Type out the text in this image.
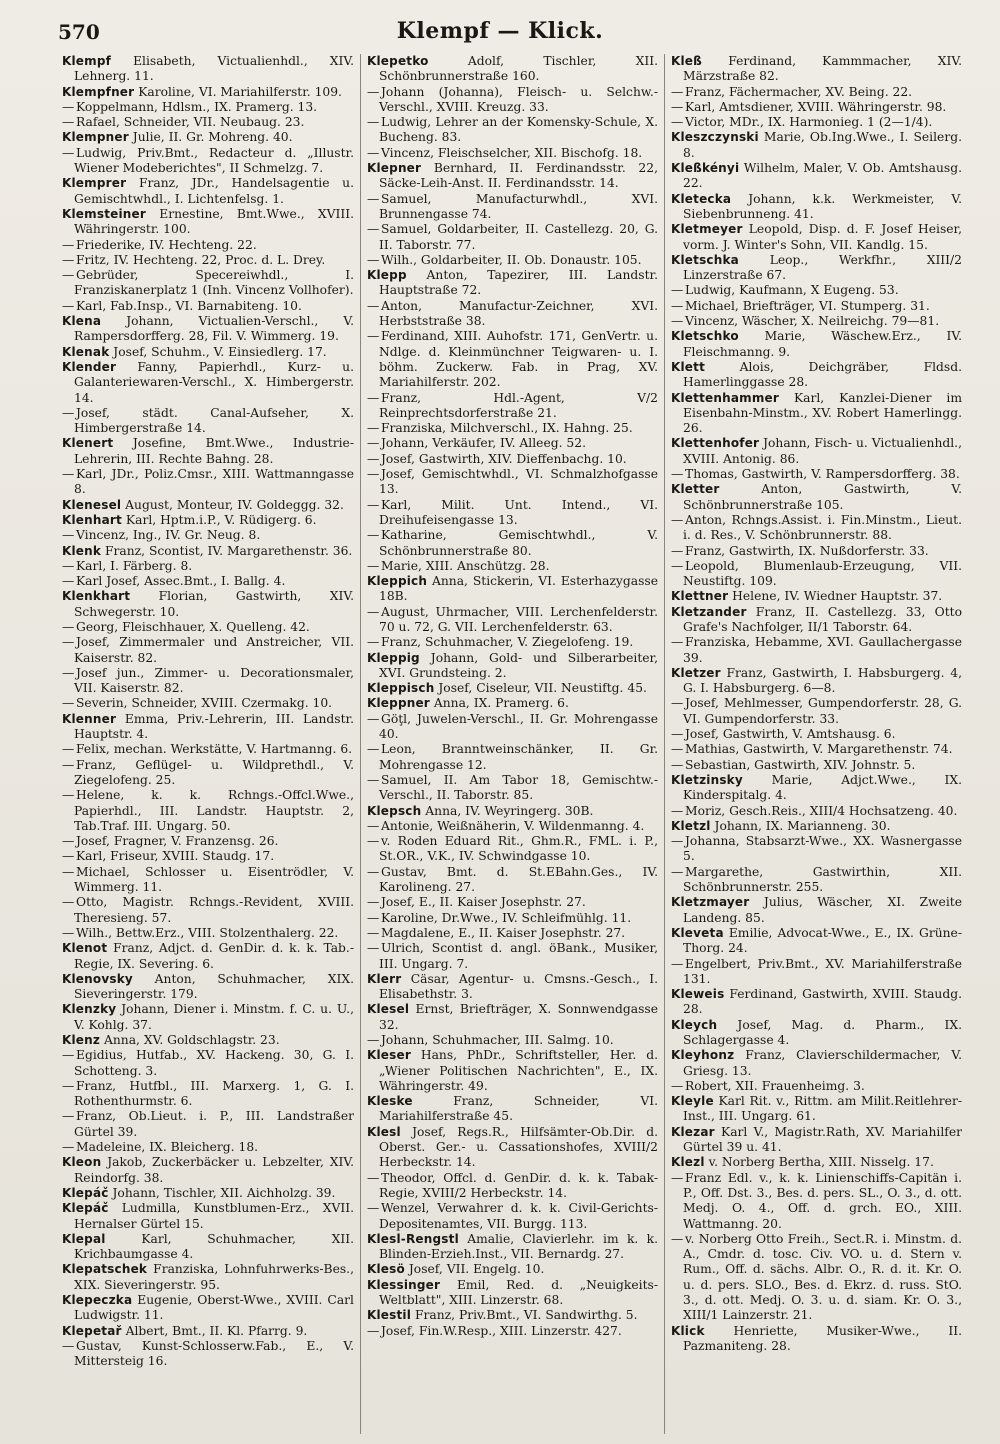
570	Klempf — Klick.
Klempf Elisabeth, Victualienhdl., XIV. Lehnerg. 11.
Klempfner Karoline, VI. Mariahilferstr. 109.
— Koppelmann, Hdlsm., IX. Pramerg. 13.
— Rafael, Schneider, VII. Neubaug. 23.
Klempner Julie, II. Gr. Mohreng. 40.
— Ludwig, Priv.Bmt., Redacteur d. „Illustr. Wiener Modeberichtes", II Schmelzg. 7.
Klemprer Franz, JDr., Handelsagentie u. Gemischtwhdl., I. Lichtenfelsg. 1.
Klemsteiner Ernestine, Bmt.Wwe., XVIII. Währingerstr. 100.
— Friederike, IV. Hechteng. 22.
— Fritz, IV. Hechteng. 22, Proc. d. L. Drey.
— Gebrüder, Specereiwhdl., I. Franziskanerplatz 1 (Inh. Vincenz Vollhofer).
— Karl, Fab.Insp., VI. Barnabiteng. 10.
Klena Johann, Victualien-Verschl., V. Rampersdorfferg. 28, Fil. V. Wimmerg. 19.
Klenak Josef, Schuhm., V. Einsiedlerg. 17.
Klender Fanny, Papierhdl., Kurz- u. Galanteriewaren-Verschl., X. Himbergerstr. 14.
— Josef, städt. Canal-Aufseher, X. Himbergerstraße 14.
Klenert Josefine, Bmt.Wwe., Industrie-Lehrerin, III. Rechte Bahng. 28.
— Karl, JDr., Poliz.Cmsr., XIII. Wattmanngasse 8.
Klenesel August, Monteur, IV. Goldeggg. 32.
Klenhart Karl, Hptm.i.P., V. Rüdigerg. 6.
— Vincenz, Ing., IV. Gr. Neug. 8.
Klenk Franz, Scontist, IV. Margarethenstr. 36.
— Karl, I. Färberg. 8.
— Karl Josef, Assec.Bmt., I. Ballg. 4.
Klenkhart Florian, Gastwirth, XIV. Schwegerstr. 10.
— Georg, Fleischhauer, X. Quelleng. 42.
— Josef, Zimmermaler und Anstreicher, VII. Kaiserstr. 82.
— Josef jun., Zimmer- u. Decorationsmaler, VII. Kaiserstr. 82.
— Severin, Schneider, XVIII. Czermakg. 10.
Klenner Emma, Priv.-Lehrerin, III. Landstr. Hauptstr. 4.
— Felix, mechan. Werkstätte, V. Hartmanng. 6.
— Franz, Geflügel- u. Wildprethdl., V. Ziegelofeng. 25.
— Helene, k. k. Rchngs.-Offcl.Wwe., Papierhdl., III. Landstr. Hauptstr. 2, Tab.Traf. III. Ungarg. 50.
— Josef, Fragner, V. Franzensg. 26.
— Karl, Friseur, XVIII. Staudg. 17.
— Michael, Schlosser u. Eisentrödler, V. Wimmerg. 11.
— Otto, Magistr. Rchngs.-Revident, XVIII. Theresieng. 57.
— Wilh., Bettw.Erz., VIII. Stolzenthalerg. 22.
Klenot Franz, Adjct. d. GenDir. d. k. k. Tab.-Regie, IX. Severing. 6.
Klenovsky Anton, Schuhmacher, XIX. Sieveringerstr. 179.
Klenzky Johann, Diener i. Minstm. f. C. u. U., V. Kohlg. 37.
Klenz Anna, XV. Goldschlagstr. 23.
— Egidius, Hutfab., XV. Hackeng. 30, G. I. Schotteng. 3.
— Franz, Hutfbl., III. Marxerg. 1, G. I. Rothenthurmstr. 6.
— Franz, Ob.Lieut. i. P., III. Landstraßer Gürtel 39.
— Madeleine, IX. Bleicherg. 18.
Kleon Jakob, Zuckerbäcker u. Lebzelter, XIV. Reindorfg. 38.
Klepáč Johann, Tischler, XII. Aichholzg. 39.
Klepáč Ludmilla, Kunstblumen-Erz., XVII. Hernalser Gürtel 15.
Klepal	Karl, Schuhmacher, XII. Krichbaumgasse 4.
Klepatschek Franziska, Lohnfuhrwerks-Bes., XIX. Sieveringerstr. 95.
Klepeczka Eugenie, Oberst-Wwe., XVIII. Carl Ludwigstr. 11.
Klepetař Albert, Bmt., II. Kl. Pfarrg. 9.
— Gustav, Kunst-Schlosserw.Fab., E., V. Mittersteig 16.
Klepetko	Adolf, Tischler, XII. Schönbrunnerstraße 160.
— Johann (Johanna), Fleisch- u. Selchw.-Verschl., XVIII. Kreuzg. 33.
— Ludwig, Lehrer an der Komensky-Schule, X. Bucheng. 83.
— Vincenz, Fleischselcher, XII. Bischofg. 18.
Klepner Bernhard, II. Ferdinandsstr. 22, Säcke-Leih-Anst. II. Ferdinandsstr. 14.
— Samuel, Manufacturwhdl., XVI. Brunnengasse 74.
— Samuel, Goldarbeiter, II. Castellezg. 20, G. II. Taborstr. 77.
— Wilh., Goldarbeiter, II. Ob. Donaustr. 105.
Klepp Anton, Tapezirer, III. Landstr. Hauptstraße 72.
— Anton, Manufactur-Zeichner, XVI. Herbststraße 38.
— Ferdinand, XIII. Auhofstr. 171, GenVertr. u. Ndlge. d. Kleinmünchner Teigwaren- u. I. böhm. Zuckerw. Fab. in Prag, XV. Mariahilferstr. 202.
— Franz, Hdl.-Agent, V/2 Reinprechtsdorferstraße 21.
— Franziska, Milchverschl., IX. Hahng. 25.
— Johann, Verkäufer, IV. Alleeg. 52.
— Josef, Gastwirth, XIV. Dieffenbachg. 10.
— Josef, Gemischtwhdl., VI. Schmalzhofgasse 13.
— Karl, Milit. Unt. Intend., VI. Dreihufeisengasse 13.
— Katharine, Gemischtwhdl., V. Schönbrunnerstraße 80.
— Marie, XIII. Anschützg. 28.
Kleppich Anna, Stickerin, VI. Esterhazygasse 18B.
— August, Uhrmacher, VIII. Lerchenfelderstr. 70 u. 72, G. VII. Lerchenfelderstr. 63.
— Franz, Schuhmacher, V. Ziegelofeng. 19.
Kleppig Johann, Gold- und Silberarbeiter, XVI. Grundsteing. 2.
Kleppisch Josef, Ciseleur, VII. Neustiftg. 45.
Kleppner Anna, IX. Pramerg. 6.
— Göţl, Juwelen-Verschl., II. Gr. Mohrengasse 40.
— Leon, Branntweinschänker, II. Gr. Mohrengasse 12.
— Samuel, II. Am Tabor 18, Gemischtw.-Verschl., II. Taborstr. 85.
Klepsch Anna, IV. Weyringerg. 30B.
— Antonie, Weißnäherin, V. Wildenmanng. 4.
— v. Roden Eduard Rit., Ghm.R., FML. i. P., St.OR., V.K., IV. Schwindgasse 10.
— Gustav, Bmt. d. St.EBahn.Ges., IV. Karolineng. 27.
— Josef, E., II. Kaiser Josephstr. 27.
— Karoline, Dr.Wwe., IV. Schleifmühlg. 11.
— Magdalene, E., II. Kaiser Josephstr. 27.
— Ulrich, Scontist d. angl. öBank., Musiker, III. Ungarg. 7.
Klerr Cäsar, Agentur- u. Cmsns.-Gesch., I. Elisabethstr. 3.
Klesel Ernst, Briefträger, X. Sonnwendgasse 32.
— Johann, Schuhmacher, III. Salmg. 10.
Kleser Hans, PhDr., Schriftsteller, Her. d. „Wiener Politischen Nachrichten", E., IX. Währingerstr. 49.
Kleske	Franz, Schneider, VI. Mariahilferstraße 45.
Klesl Josef, Regs.R., Hilfsämter-Ob.Dir. d. Oberst. Ger.- u. Cassationshofes, XVIII/2 Herbeckstr. 14.
— Theodor, Offcl. d. GenDir. d. k. k. Tabak-Regie, XVIII/2 Herbeckstr. 14.
— Wenzel, Verwahrer d. k. k. Civil-Gerichts-Depositenamtes, VII. Burgg. 113.
Klesl-Rengstl Amalie, Clavierlehr. im k. k. Blinden-Erzieh.Inst., VII. Bernardg. 27.
Klesö Josef, VII. Engelg. 10.
Klessinger Emil, Red. d. „Neuigkeits-Weltblatt", XIII. Linzerstr. 68.
Klestil Franz, Priv.Bmt., VI. Sandwirthg. 5.
— Josef, Fin.W.Resp., XIII. Linzerstr. 427.
Kleß Ferdinand, Kammmacher, XIV. Märzstraße 82.
— Franz, Fächermacher, XV. Being. 22.
— Karl, Amtsdiener, XVIII. Währingerstr. 98.
— Victor, MDr., IX. Harmonieg. 1 (2—1/4).
Kleszczynski Marie, Ob.Ing.Wwe., I. Seilerg. 8.
Kleßkényi Wilhelm, Maler, V. Ob. Amtshausg. 22.
Kletecka Johann, k.k. Werkmeister, V. Siebenbrunneng. 41.
Kletmeyer Leopold, Disp. d. F. Josef Heiser, vorm. J. Winter's Sohn, VII. Kandlg. 15.
Kletschka Leop., Werkfhr., XIII/2 Linzerstraße 67.
— Ludwig, Kaufmann, X Eugeng. 53.
— Michael, Briefträger, VI. Stumperg. 31.
— Vincenz, Wäscher, X. Neilreichg. 79—81.
Kletschko Marie, Wäschew.Erz., IV. Fleischmanng. 9.
Klett	Alois, Deichgräber, Fldsd. Hamerlinggasse 28.
Klettenhammer Karl, Kanzlei-Diener im Eisenbahn-Minstm., XV. Robert Hamerlingg. 26.
Klettenhofer Johann, Fisch- u. Victualienhdl., XVIII. Antonig. 86.
— Thomas, Gastwirth, V. Rampersdorfferg. 38.
Kletter	Anton, Gastwirth, V. Schönbrunnerstraße 105.
— Anton, Rchngs.Assist. i. Fin.Minstm., Lieut. i. d. Res., V. Schönbrunnerstr. 88.
— Franz, Gastwirth, IX. Nußdorferstr. 33.
— Leopold, Blumenlaub-Erzeugung, VII. Neustiftg. 109.
Klettner Helene, IV. Wiedner Hauptstr. 37.
Kletzander Franz, II. Castellezg. 33, Otto Grafe's Nachfolger, II/1 Taborstr. 64.
— Franziska, Hebamme, XVI. Gaullachergasse 39.
Kletzer Franz, Gastwirth, I. Habsburgerg. 4, G. I. Habsburgerg. 6—8.
— Josef, Mehlmesser, Gumpendorferstr. 28, G. VI. Gumpendorferstr. 33.
— Josef, Gastwirth, V. Amtshausg. 6.
— Mathias, Gastwirth, V. Margarethenstr. 74.
— Sebastian, Gastwirth, XIV. Johnstr. 5.
Kletzinsky Marie, Adjct.Wwe., IX. Kinderspitalg. 4.
— Moriz, Gesch.Reis., XIII/4 Hochsatzeng. 40.
Kletzl Johann, IX. Marianneng. 30.
— Johanna, Stabsarzt-Wwe., XX. Wasnergasse 5.
— Margarethe, Gastwirthin, XII. Schönbrunnerstr. 255.
Kletzmayer Julius, Wäscher, XI. Zweite Landeng. 85.
Kleveta Emilie, Advocat-Wwe., E., IX. Grüne-Thorg. 24.
— Engelbert, Priv.Bmt., XV. Mariahilferstraße 131.
Kleweis Ferdinand, Gastwirth, XVIII. Staudg. 28.
Kleych Josef, Mag. d. Pharm., IX. Schlagergasse 4.
Kleyhonz Franz, Clavierschildermacher, V. Griesg. 13.
— Robert, XII. Frauenheimg. 3.
Kleyle Karl Rit. v., Rittm. am Milit.Reitlehrer-Inst., III. Ungarg. 61.
Klezar Karl V., Magistr.Rath, XV. Mariahilfer Gürtel 39 u. 41.
Klezl v. Norberg Bertha, XIII. Nisselg. 17.
— Franz Edl. v., k. k. Linienschiffs-Capitän i. P., Off. Dst. 3., Bes. d. pers. SL., O. 3., d. ott. Medj. O. 4., Off. d. grch. EO., XIII. Wattmanng. 20.
— v. Norberg Otto Freih., Sect.R. i. Minstm. d. A., Cmdr. d. tosc. Civ. VO. u. d. Stern v. Rum., Off. d. sächs. Albr. O., R. d. it. Kr. O. u. d. pers. SLO., Bes. d. Ekrz. d. russ. StO. 3., d. ott. Medj. O. 3. u. d. siam. Kr. O. 3., XIII/1 Lainzerstr. 21.
Klick Henriette, Musiker-Wwe., II. Pazmaniteng. 28.
